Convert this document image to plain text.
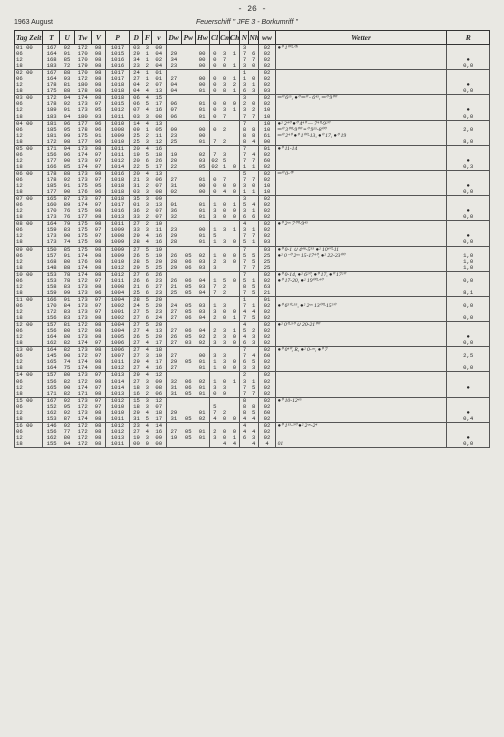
- 26 -
1963 August	Feuerschiff " JFE 3 - Borkumriff "
Tag Zeit	T	U	Tw	V	P	D	F	v	Dw	Pw	Hw	Cl	Cm	Ch	N	Nh	ww	Wetter	R
01 00	167	92	172	98	1017	03	3	09							3		02	●⁰ 1⁰⁰-⁰⁵	
06	164	91	170	98	1015	29	1	04	29		00	0	3	1	7	6	02		
12	168	85	170	98	1016	34	1	02	34		00	0	7		7	7	02		●
18	183	72	179	98	1016	23	2	04	23		00	0	0	1	3	0	02		0,0
02 00	167	88	170	98	1017	24	1	01							1		02		
06	164	93	172	98	1017	27	1	01	27		00	0	0	1	1	0	02		
12	178	81	180	98	1018	04	2	07	04		00	0	3	2	3	1	02		●
18	175	88	178	98	1018	04	4	13	04		01	0	8	1	6	3	03		0,0
03 00	172	94	174	98	1018	06	4	15							3		02	═⁰ 6¹⁵, ●⁰ ═⁰ - 6⁴⁵, ═⁰ 9⁰⁰	
06	178	92	173	97	1015	06	5	17	06		01	0	0	9	2	0	02		
12	189	91	173	95	1012	07	4	16	07		01	0	3	1	3	2	10		●
18	183	94	180	93	1011	03	3	08	06		01	0	7		7	7	10		0,0
04 00	181	96	177	96	1010	14	4	13							7		10	●² 2⁴⁰ ●⁰ 4⁴⁰ — 7⁴⁰-9²⁰	
06	185	95	178	96	1008	09	1	05	09		00	0	2		8	8	10	═⁰ 3⁰⁰-9⁰⁰ ≡⁰ 9²⁵-8⁰⁰	2,0
12	181	99	175	91	1009	25	2	11	23		00				8	8	61	═⁰ 2⁴⁰ ●⁰ 1⁰⁰-13, ●⁰ 17, ●⁰ 19	
18	172	98	177	96	1010	25	3	12	25		01	7	2		8	4	00		8,0
05 00	171	94	173	98	1011	20	4	16							7		01	●⁰ 11-14	
06	156	96	174	97	1011	19	5	18	19		02	7	3		7	4	02		
12	177	90	173	97	1012	20	6	26	20		03	02	5		7	7	60		●
18	166	85	174	97	1014	22	5	17	22		05	02	1	0	1	1	02		0,3
06 00	178	88	173	98	1016	20	4	13							5		02	═⁰ 0-⁰⁷	
06	178	92	173	97	1018	21	3	06	27		01	0	7		7	7	02		
12	185	91	175	95	1018	31	2	07	31		00	0	0	9	3	0	10		●
18	177	90	176	96	1018	03	3	08	02		00	0	4	0	1	1	10		0,0
07 00	165	87	173	97	1018	35	3	09							3		02		
06	160	89	174	97	1017	01	3	13	01		01	1	0	1	5	4	02		
12	170	76	175	98	1016	36	2	07	36		01	3	0	9	3	1	02		●
18	173	76	177	98	1013	33	2	07	32		01	3	0	0	6	6	02		0,0
08 00	164	79	175	98	1011	27	2	10							4		02	●⁰ 2ᵒᵘ 7⁰⁰-9⁴⁵	
06	159	83	175	97	1009	33	3	11	23		00	1	3	1	3	1	02		
12	173	90	175	97	1008	29	4	16	29		01	5			7	7	02		●
18	173	74	175	98	1009	28	4	16	28		01	1	3	0	5	1	03		0,0
09 00	150	85	175	98	1009	27	5	19							7		03	●⁰ 0-1 ∪ 4⁴⁸-5⁵⁵ ●² 10⁴⁰-11	
06	157	91	174	98	1009	26	5	19	26	05	02	1	0	0	5	5	25	●² 0⁻⁰ 2ᵒᵘ 15-17⁴⁰, ●² 22-23⁰⁰	1,0
12	168	80	176	98	1010	28	5	20	28	06	03	2	3	0	7	5	25		1,0
18	148	88	174	98	1012	29	5	25	29	06	03	3			7	7	25		1,0
10 00	153	78	174	98	1012	27	6	26							7		02	●⁰ 0-14, ●² 6²⁰, ●⁰ 17, ●⁰ 17²⁰	
06	153	78	172	97	1011	26	6	23	26	06	04	1	5	0	5	1	02	●⁰ 17-20, ●² 19⁰⁰-⁴⁰	0,0
12	158	83	173	98	1008	21	6	27	21	05	03	7	2		8	5	63		
18	159	99	173	96	1004	25	6	23	25	05	04	7	2		7	5	21		8,1
11 00	166	91	173	97	1004	28	5	20							1		01		
06	170	84	173	97	1002	24	5	20	24	05	03	1	3		7	1	02	●⁰ 6⁵⁰-⁵⁵, ●² 2ᵒᵘ 13⁰⁰-15⁵⁰	0,0
12	172	83	173	97	1001	27	5	23	27	05	03	3	0	0	4	4	02		
18	156	83	173	98	1002	27	6	24	27	06	04	2	0	1	7	5	02		0,0
12 00	157	81	172	98	1004	27	5	20							4		02	●² 0⁰-⁵⁰ ∪ 20-21⁰⁰	
06	156	80	172	98	1004	27	4	13	27	06	04	2	3	1	5	2	02		
12	164	80	173	98	1005	26	5	20	26	05	02	2	3	0	4	3	02		●
18	162	82	174	97	1006	27	4	17	27	03	02	3	3	0	6	3	02		0,0
13 00	164	82	173	98	1006	27	4	18							7		02	●⁰ 0⁴⁰, R, ●² 0-ᵒᵘ, ●⁰ 7	
06	145	90	172	97	1007	27	3	10	27		00	3	3		7	4	60		2,5
12	165	74	174	98	1011	29	4	17	29	05	01	1	3	0	6	5	02		
18	164	75	174	98	1012	27	4	16	27		01	1	0	0	3	3	02		0,0
14 00	157	80	173	97	1013	29	4	12							2		02		
06	156	82	172	98	1014	27	3	09	32	06	02	1	0	1	3	1	02		
12	165	90	174	97	1014	18	3	08	31	06	01	3	3		7	5	02		●
18	171	82	171	98	1013	16	2	06	31	05	01	0	9		7	7	02		
15 00	167	92	173	97	1012	15	3	12							8		02	●⁰ 10-12⁴⁵	
06	152	95	172	97	1010	18	3	07				5			8	8	02		
12	162	92	173	98	1010	29	4	18	29		01	7	2		8	5	60		●
18	153	87	174	98	1011	31	5	17	31	05	02	4	0	0	4	4	02		0,4
16 00	146	92	172	98	1012	23	4	14							4		02	●⁰ 1¹⁵-³⁰ ●² 2ᵒᵘ-2⁴	
06	156	77	172	98	1012	27	4	16	27	05	01	2	0	0	4	4	02		
12	162	80	172	98	1013	19	3	09	19	05	01	3	0	1	6	3	02		●
18	155	94	172	98	1011	00	0	00					4	4		4	4	01	0,0
